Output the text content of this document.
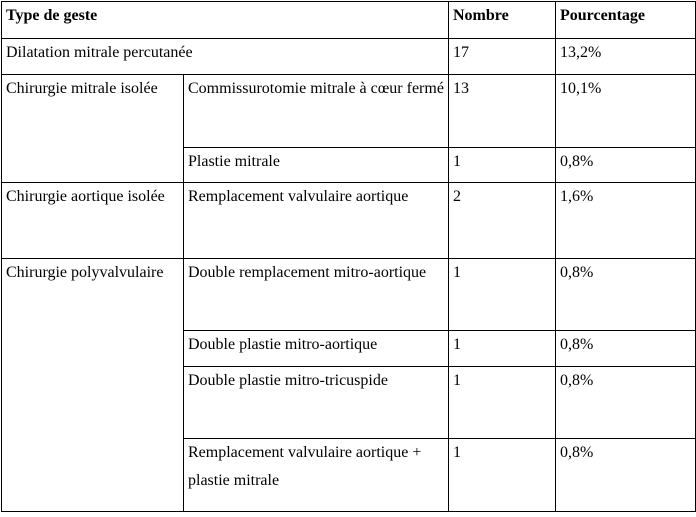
Type de geste		Nombre	Pourcentage
Dilatation mitrale percutanée		17	13,2%
Chirurgie mitrale isolée	Commissurotomie mitrale à cœur fermé	13	10,1%
	Plastie mitrale	1	0,8%
Chirurgie aortique isolée	Remplacement valvulaire aortique	2	1,6%
Chirurgie polyvalvulaire	Double remplacement mitro-aortique	1	0,8%
	Double plastie mitro-aortique	1	0,8%
	Double plastie mitro-tricuspide	1	0,8%
	Remplacement valvulaire aortique + plastie mitrale	1	0,8%
